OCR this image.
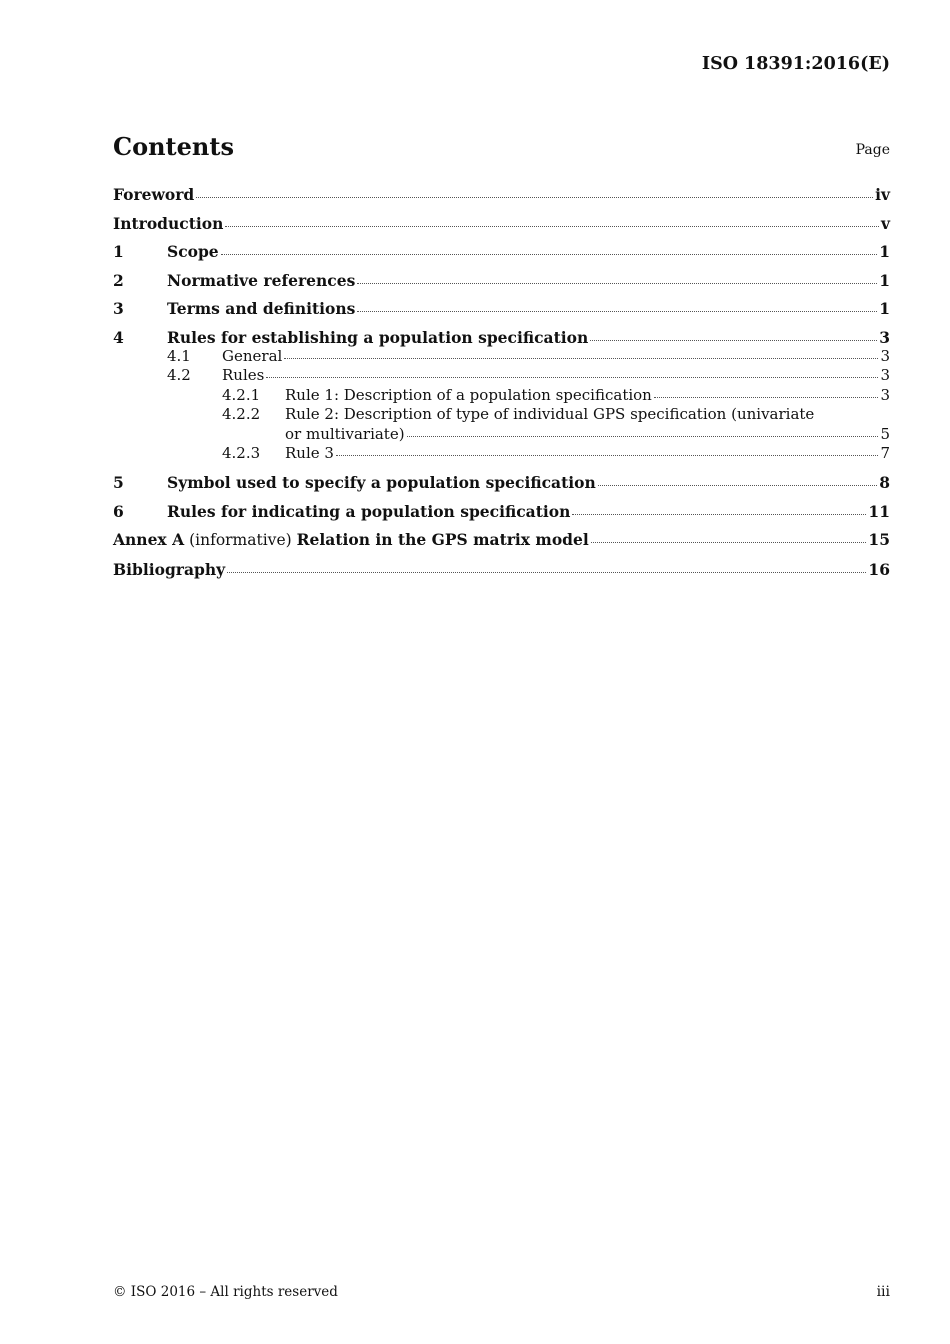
ISO 18391:2016(E)
Contents	Page
Foreword	iv
Introduction	v
1	Scope	1
2	Normative references	1
3	Terms and definitions	1
4	Rules for establishing a population specification	3
4.1	General	3
4.2	Rules	3
4.2.1	Rule 1: Description of a population specification	3
4.2.2	Rule 2: Description of type of individual GPS specification (univariate
or multivariate)	5
4.2.3	Rule 3	7
5	Symbol used to specify a population specification	8
6	Rules for indicating a population specification	11
Annex A (informative) Relation in the GPS matrix model	15
Bibliography	16
© ISO 2016 – All rights reserved	iii
